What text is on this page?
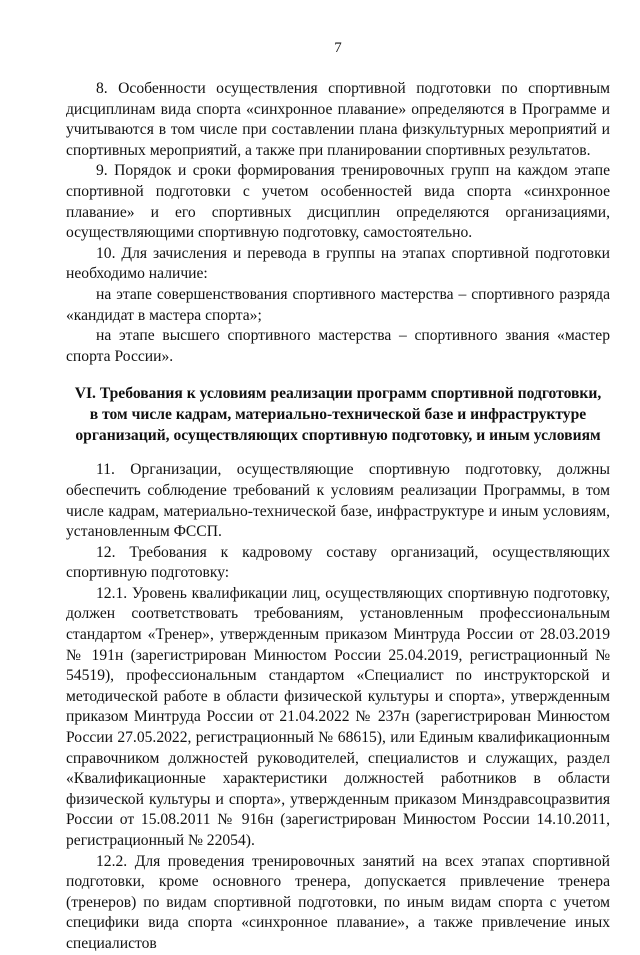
7

8. Особенности осуществления спортивной подготовки по спортивным дисциплинам вида спорта «синхронное плавание» определяются в Программе и учитываются в том числе при составлении плана физкультурных мероприятий и спортивных мероприятий, а также при планировании спортивных результатов.

9. Порядок и сроки формирования тренировочных групп на каждом этапе спортивной подготовки с учетом особенностей вида спорта «синхронное плавание» и его спортивных дисциплин определяются организациями, осуществляющими спортивную подготовку, самостоятельно.

10. Для зачисления и перевода в группы на этапах спортивной подготовки необходимо наличие:

на этапе совершенствования спортивного мастерства – спортивного разряда «кандидат в мастера спорта»;

на этапе высшего спортивного мастерства – спортивного звания «мастер спорта России».

VI. Требования к условиям реализации программ спортивной подготовки,
в том числе кадрам, материально-технической базе и инфраструктуре
организаций, осуществляющих спортивную подготовку, и иным условиям

11. Организации, осуществляющие спортивную подготовку, должны обеспечить соблюдение требований к условиям реализации Программы, в том числе кадрам, материально-технической базе, инфраструктуре и иным условиям, установленным ФССП.

12. Требования к кадровому составу организаций, осуществляющих спортивную подготовку:

12.1. Уровень квалификации лиц, осуществляющих спортивную подготовку, должен соответствовать требованиям, установленным профессиональным стандартом «Тренер», утвержденным приказом Минтруда России от 28.03.2019 № 191н (зарегистрирован Минюстом России 25.04.2019, регистрационный № 54519), профессиональным стандартом «Специалист по инструкторской и методической работе в области физической культуры и спорта», утвержденным приказом Минтруда России от 21.04.2022 № 237н (зарегистрирован Минюстом России 27.05.2022, регистрационный № 68615), или Единым квалификационным справочником должностей руководителей, специалистов и служащих, раздел «Квалификационные характеристики должностей работников в области физической культуры и спорта», утвержденным приказом Минздравсоцразвития России от 15.08.2011 № 916н (зарегистрирован Минюстом России 14.10.2011, регистрационный № 22054).

12.2. Для проведения тренировочных занятий на всех этапах спортивной подготовки, кроме основного тренера, допускается привлечение тренера (тренеров) по видам спортивной подготовки, по иным видам спорта с учетом специфики вида спорта «синхронное плавание», а также привлечение иных специалистов
